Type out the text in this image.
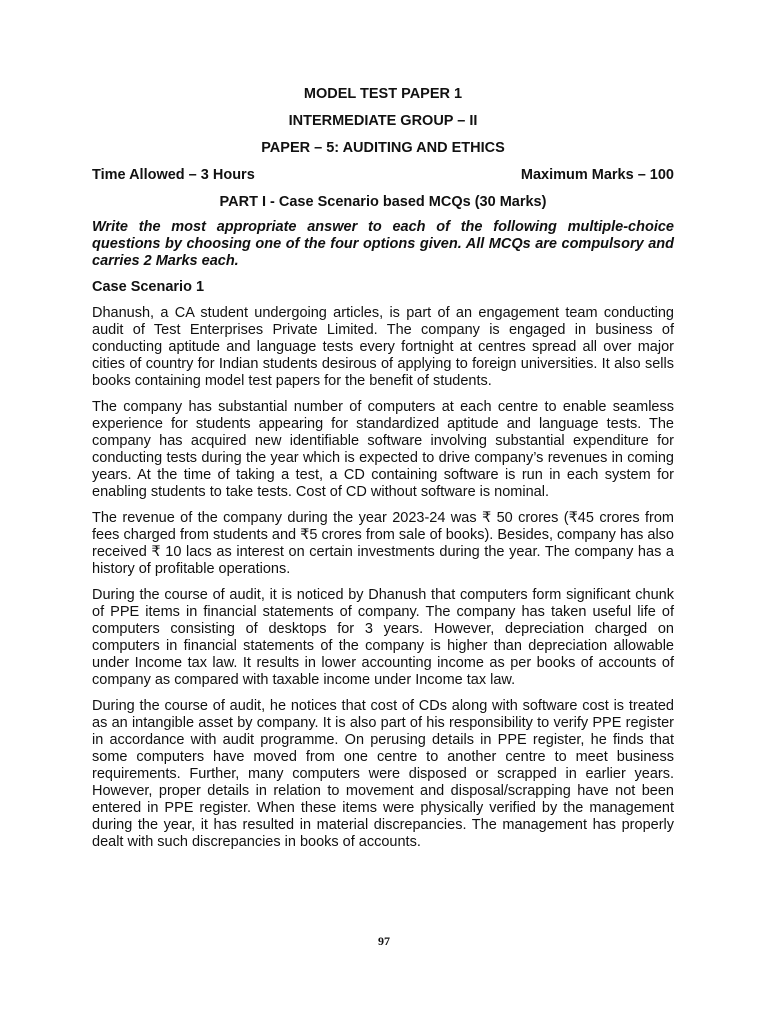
MODEL TEST PAPER 1
INTERMEDIATE GROUP – II
PAPER – 5: AUDITING AND ETHICS
Time Allowed – 3 Hours	Maximum Marks – 100
PART I - Case Scenario based MCQs (30 Marks)
Write the most appropriate answer to each of the following multiple-choice questions by choosing one of the four options given. All MCQs are compulsory and carries 2 Marks each.
Case Scenario 1

Dhanush, a CA student undergoing articles, is part of an engagement team conducting audit of Test Enterprises Private Limited. The company is engaged in business of conducting aptitude and language tests every fortnight at centres spread all over major cities of country for Indian students desirous of applying to foreign universities. It also sells books containing model test papers for the benefit of students.

The company has substantial number of computers at each centre to enable seamless experience for students appearing for standardized aptitude and language tests. The company has acquired new identifiable software involving substantial expenditure for conducting tests during the year which is expected to drive company’s revenues in coming years. At the time of taking a test, a CD containing software is run in each system for enabling students to take tests. Cost of CD without software is nominal.

The revenue of the company during the year 2023-24 was ₹ 50 crores (₹45 crores from fees charged from students and ₹5 crores from sale of books). Besides, company has also received ₹ 10 lacs as interest on certain investments during the year. The company has a history of profitable operations.

During the course of audit, it is noticed by Dhanush that computers form significant chunk of PPE items in financial statements of company. The company has taken useful life of computers consisting of desktops for 3 years. However, depreciation charged on computers in financial statements of the company is higher than depreciation allowable under Income tax law. It results in lower accounting income as per books of accounts of company as compared with taxable income under Income tax law.

During the course of audit, he notices that cost of CDs along with software cost is treated as an intangible asset by company. It is also part of his responsibility to verify PPE register in accordance with audit programme. On perusing details in PPE register, he finds that some computers have moved from one centre to another centre to meet business requirements. Further, many computers were disposed or scrapped in earlier years. However, proper details in relation to movement and disposal/scrapping have not been entered in PPE register. When these items were physically verified by the management during the year, it has resulted in material discrepancies. The management has properly dealt with such discrepancies in books of accounts.

97
